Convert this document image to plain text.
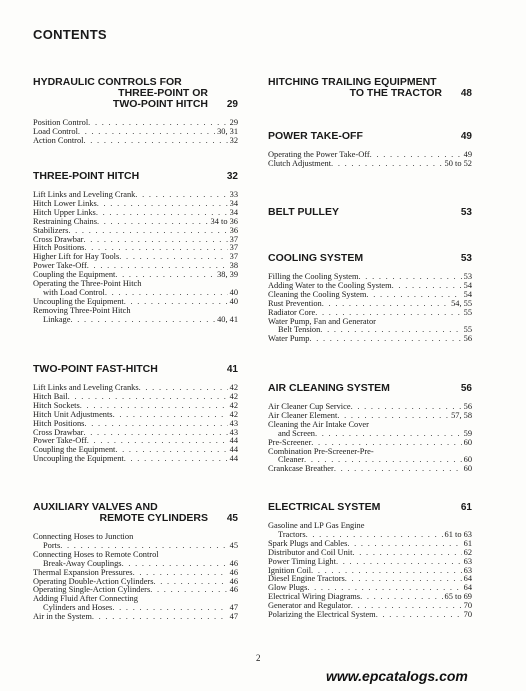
CONTENTS
HYDRAULIC CONTROLS FOR
THREE-POINT OR
TWO-POINT HITCH	29
Position Control . . .	29
Load Control . . .	30, 31
Action Control . . .	32
THREE-POINT HITCH	32
Lift Links and Leveling Crank . . .	33
Hitch Lower Links . . .	34
Hitch Upper Links . . .	34
Restraining Chains . . .	34 to 36
Stabilizers . . .	36
Cross Drawbar . . .	37
Hitch Positions . . .	37
Higher Lift for Hay Tools . . .	37
Power Take-Off . . .	38
Coupling the Equipment . . .	38, 39
Operating the Three-Point Hitch
with Load Control . . .	40
Uncoupling the Equipment . . .	40
Removing Three-Point Hitch
Linkage . . .	40, 41
TWO-POINT FAST-HITCH	41
Lift Links and Leveling Cranks . . .	42
Hitch Bail . . .	42
Hitch Sockets . . .	42
Hitch Unit Adjustments . . .	42
Hitch Positions . . .	43
Cross Drawbar . . .	43
Power Take-Off . . .	44
Coupling the Equipment . . .	44
Uncoupling the Equipment . . .	44
AUXILIARY VALVES AND
REMOTE CYLINDERS	45
Connecting Hoses to Junction
Ports . . .	45
Connecting Hoses to Remote Control
Break-Away Couplings . . .	46
Thermal Expansion Pressures . . .	46
Operating Double-Action Cylinders . . .	46
Operating Single-Action Cylinders . . .	46
Adding Fluid After Connecting
Cylinders and Hoses . . .	47
Air in the System . . .	47
HITCHING TRAILING EQUIPMENT
TO THE TRACTOR	48
POWER TAKE-OFF	49
Operating the Power Take-Off . . .	49
Clutch Adjustment . . .	50 to 52
BELT PULLEY	53
COOLING SYSTEM	53
Filling the Cooling System . . .	53
Adding Water to the Cooling System . . .	54
Cleaning the Cooling System . . .	54
Rust Prevention . . .	54, 55
Radiator Core . . .	55
Water Pump, Fan and Generator
Belt Tension . . .	55
Water Pump . . .	56
AIR CLEANING SYSTEM	56
Air Cleaner Cup Service . . .	56
Air Cleaner Element . . .	57, 58
Cleaning the Air Intake Cover
and Screen . . .	59
Pre-Screener . . .	60
Combination Pre-Screener-Pre-
Cleaner . . .	60
Crankcase Breather . . .	60
ELECTRICAL SYSTEM	61
Gasoline and LP Gas Engine
Tractors . . .	61 to 63
Spark Plugs and Cables . . .	61
Distributor and Coil Unit . . .	62
Power Timing Light . . .	63
Ignition Coil . . .	63
Diesel Engine Tractors . . .	64
Glow Plugs . . .	64
Electrical Wiring Diagrams . . .	65 to 69
Generator and Regulator . . .	70
Polarizing the Electrical System . . .	70
2
www.epcatalogs.com
